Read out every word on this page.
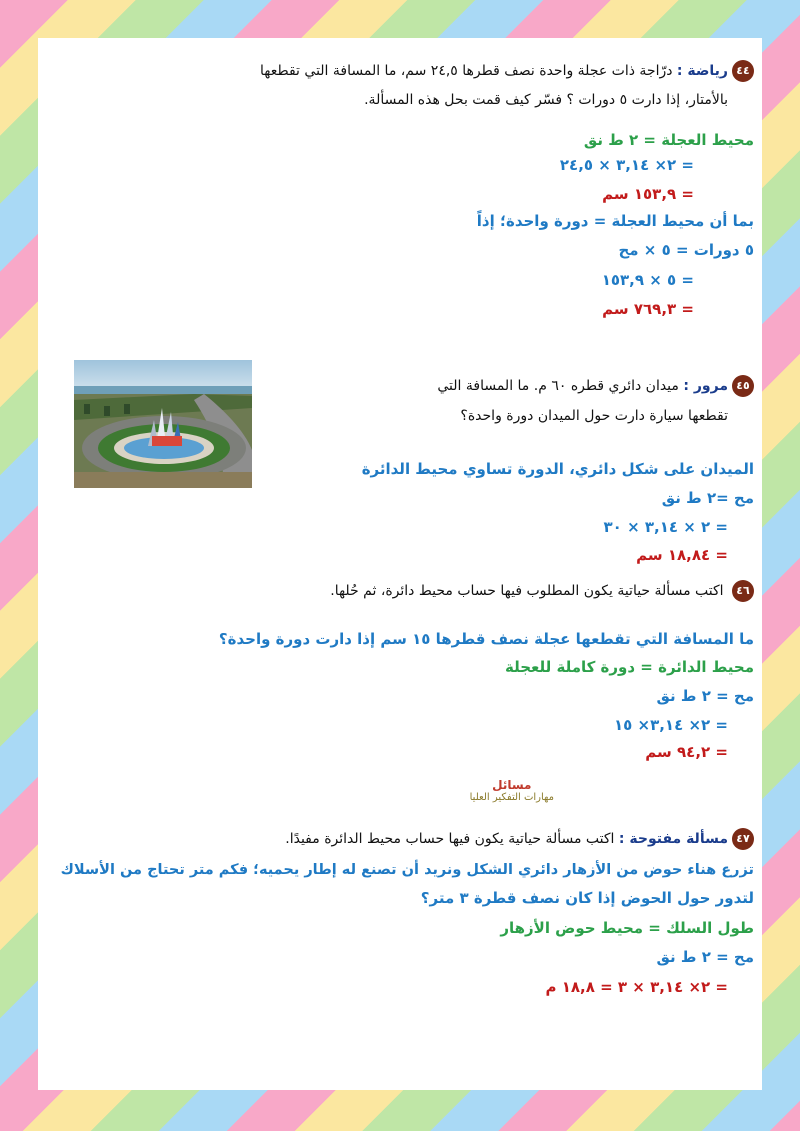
٤٤رياضة : درّاجة ذات عجلة واحدة نصف قطرها ٢٤,٥ سم، ما المسافة التي تقطعها
بالأمتار، إذا دارت ٥ دورات ؟ فسّر كيف قمت بحل هذه المسألة.
محيط العجلة = ٢ ط نق
= ٢× ٣,١٤ × ٢٤,٥
= ١٥٣,٩ سم
بما أن محيط العجلة = دورة واحدة؛ إذاً
٥ دورات = ٥ × مح
= ٥ × ١٥٣,٩
= ٧٦٩,٣ سم
٤٥مرور : ميدان دائري قطره ٦٠ م. ما المسافة التي
تقطعها سيارة دارت حول الميدان دورة واحدة؟
الميدان على شكل دائري، الدورة تساوي محيط الدائرة
مح =٢ ط نق
= ٢ × ٣,١٤ × ٣٠
= ١٨,٨٤ سم
٤٦ اكتب مسألة حياتية يكون المطلوب فيها حساب محيط دائرة، ثم حُلها.
ما المسافة التي تقطعها عجلة نصف قطرها ١٥ سم إذا دارت دورة واحدة؟
محيط الدائرة = دورة كاملة للعجلة
مح = ٢ ط نق
= ٢× ٣,١٤× ١٥
= ٩٤,٢ سم
مسائل
مهارات التفكير العليا
٤٧مسألة مفتوحة : اكتب مسألة حياتية يكون فيها حساب محيط الدائرة مفيدًا.
تزرع هناء حوض من الأزهار دائري الشكل ونريد أن تصنع له إطار يحميه؛ فكم متر تحتاج من الأسلاك
لتدور حول الحوض إذا كان نصف قطرة ٣ متر؟
طول السلك = محيط حوض الأزهار
مح = ٢ ط نق
= ٢× ٣,١٤ × ٣ = ١٨,٨ م
